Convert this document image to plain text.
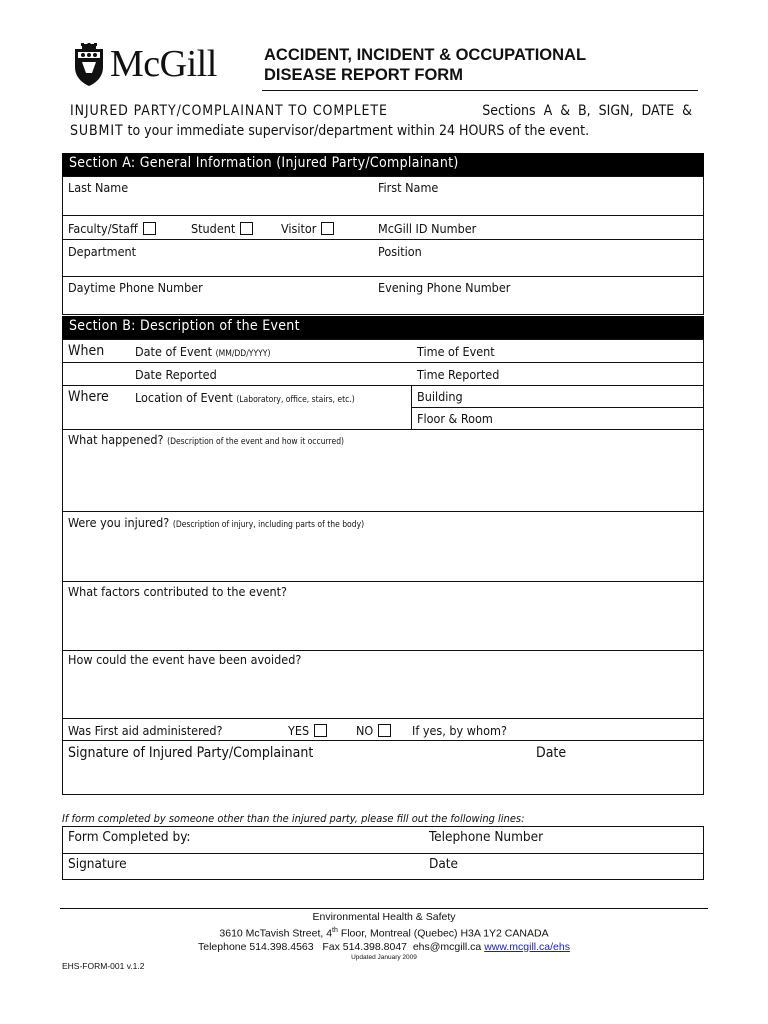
McGill	ACCIDENT, INCIDENT & OCCUPATIONAL
DISEASE REPORT FORM
INJURED PARTY/COMPLAINANT TO COMPLETE	Sections A & B, SIGN, DATE &
SUBMIT to your immediate supervisor/department within 24 HOURS of the event.
Section A: General Information (Injured Party/Complainant)
Last Name	First Name
Faculty/Staff	Student	Visitor	McGill ID Number
Department	Position
Daytime Phone Number	Evening Phone Number
Section B: Description of the Event
When Date of Event (MM/DD/YYYY)	Time of Event
Date Reported	Time Reported
Where Location of Event (Laboratory, office, stairs, etc.)	Building
Floor & Room
What happened? (Description of the event and how it occurred)
Were you injured? (Description of injury, including parts of the body)
What factors contributed to the event?
How could the event have been avoided?
Was First aid administered?	YES	NO	If yes, by whom?
Signature of Injured Party/Complainant	Date
If form completed by someone other than the injured party, please fill out the following lines:
Form Completed by:	Telephone Number
Signature	Date
Environmental Health & Safety
3610 McTavish Street, 4th Floor, Montreal (Quebec) H3A 1Y2 CANADA
Telephone 514.398.4563   Fax 514.398.8047  ehs@mcgill.ca www.mcgill.ca/ehs
Updated January 2009
EHS-FORM-001 v.1.2
